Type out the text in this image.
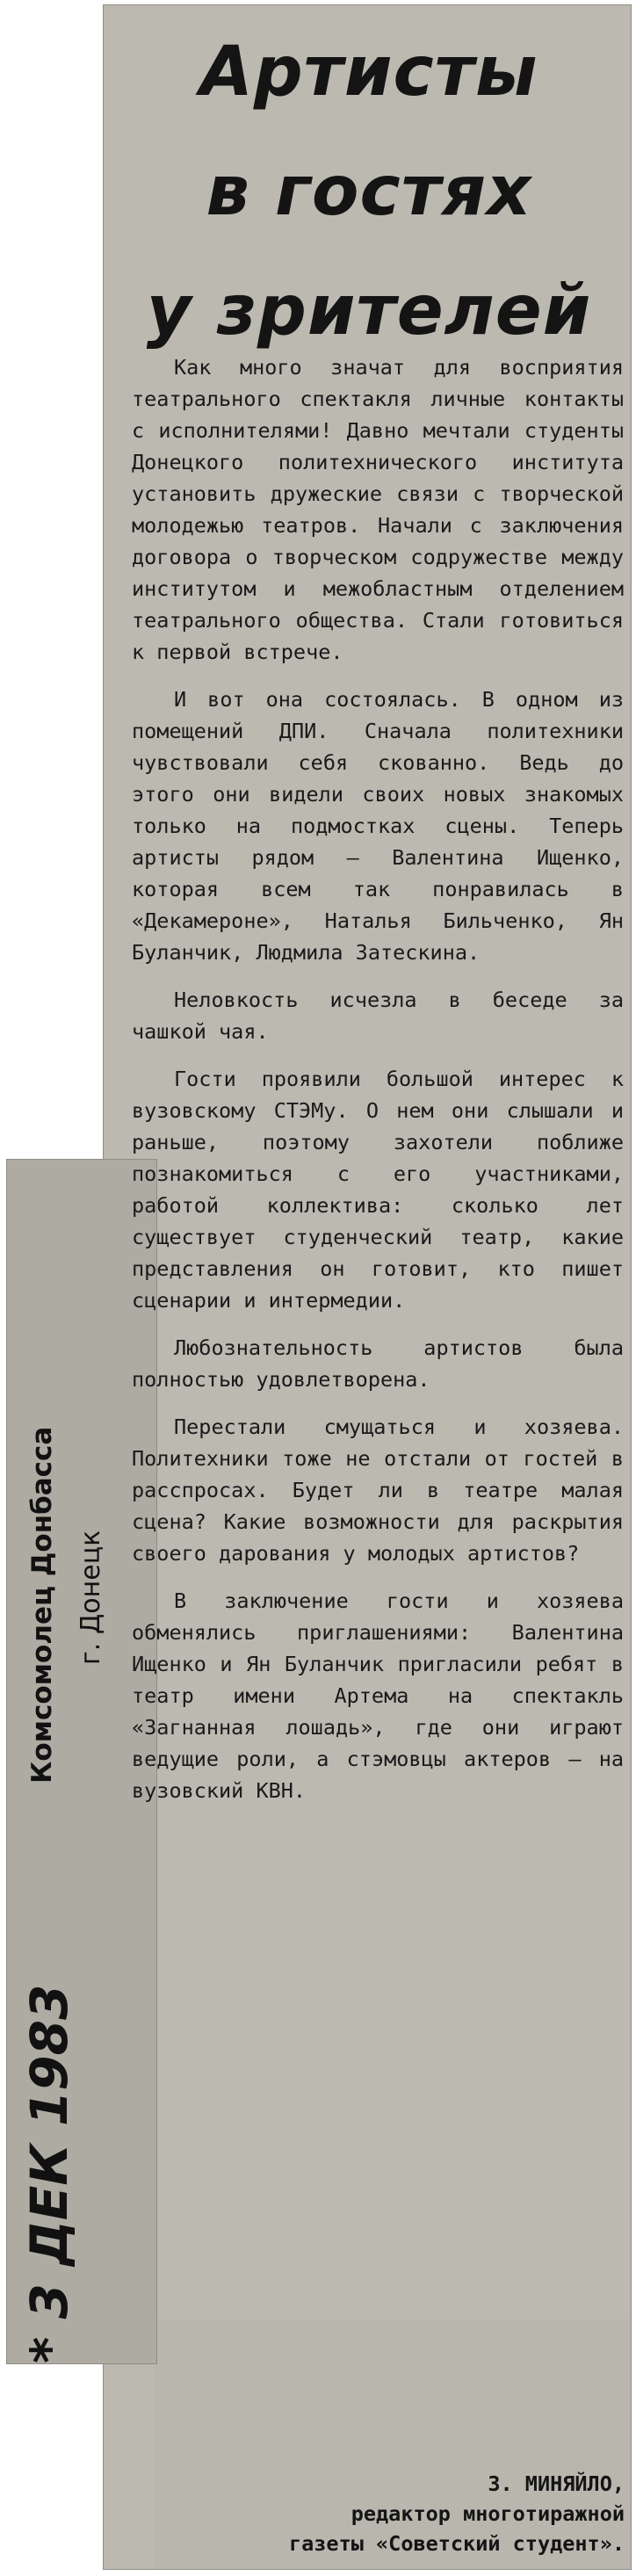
Артисты
в гостях
у зрителей

Как много значат для восприятия театрального спектакля личные контакты с исполнителями! Давно мечтали студенты Донецкого политехнического института установить дружеские связи с творческой молодежью театров. Начали с заключения договора о творческом содружестве между институтом и межобластным отделением театрального общества. Стали готовиться к первой встрече.

И вот она состоялась. В одном из помещений ДПИ. Сначала политехники чувствовали себя скованно. Ведь до этого они видели своих новых знакомых только на подмостках сцены. Теперь артисты рядом — Валентина Ищенко, которая всем так понравилась в «Декамероне», Наталья Бильченко, Ян Буланчик, Людмила Затескина.

Неловкость исчезла в беседе за чашкой чая.

Гости проявили большой интерес к вузовскому СТЭМу. О нем они слышали и раньше, поэтому захотели поближе познакомиться с его участниками, работой коллектива: сколько лет существует студенческий театр, какие представления он готовит, кто пишет сценарии и интермедии.

Любознательность артистов была полностью удовлетворена.

Перестали смущаться и хозяева. Политехники тоже не отстали от гостей в расспросах. Будет ли в театре малая сцена? Какие возможности для раскрытия своего дарования у молодых артистов?

В заключение гости и хозяева обменялись приглашениями: Валентина Ищенко и Ян Буланчик пригласили ребят в театр имени Артема на спектакль «Загнанная лошадь», где они играют ведущие роли, а стэмовцы актеров — на вузовский КВН.

З. МИНЯЙЛО,
редактор многотиражной
газеты «Советский студент».
Комсомолец Донбасса г. Донецк
* 3 ДЕК 1983
